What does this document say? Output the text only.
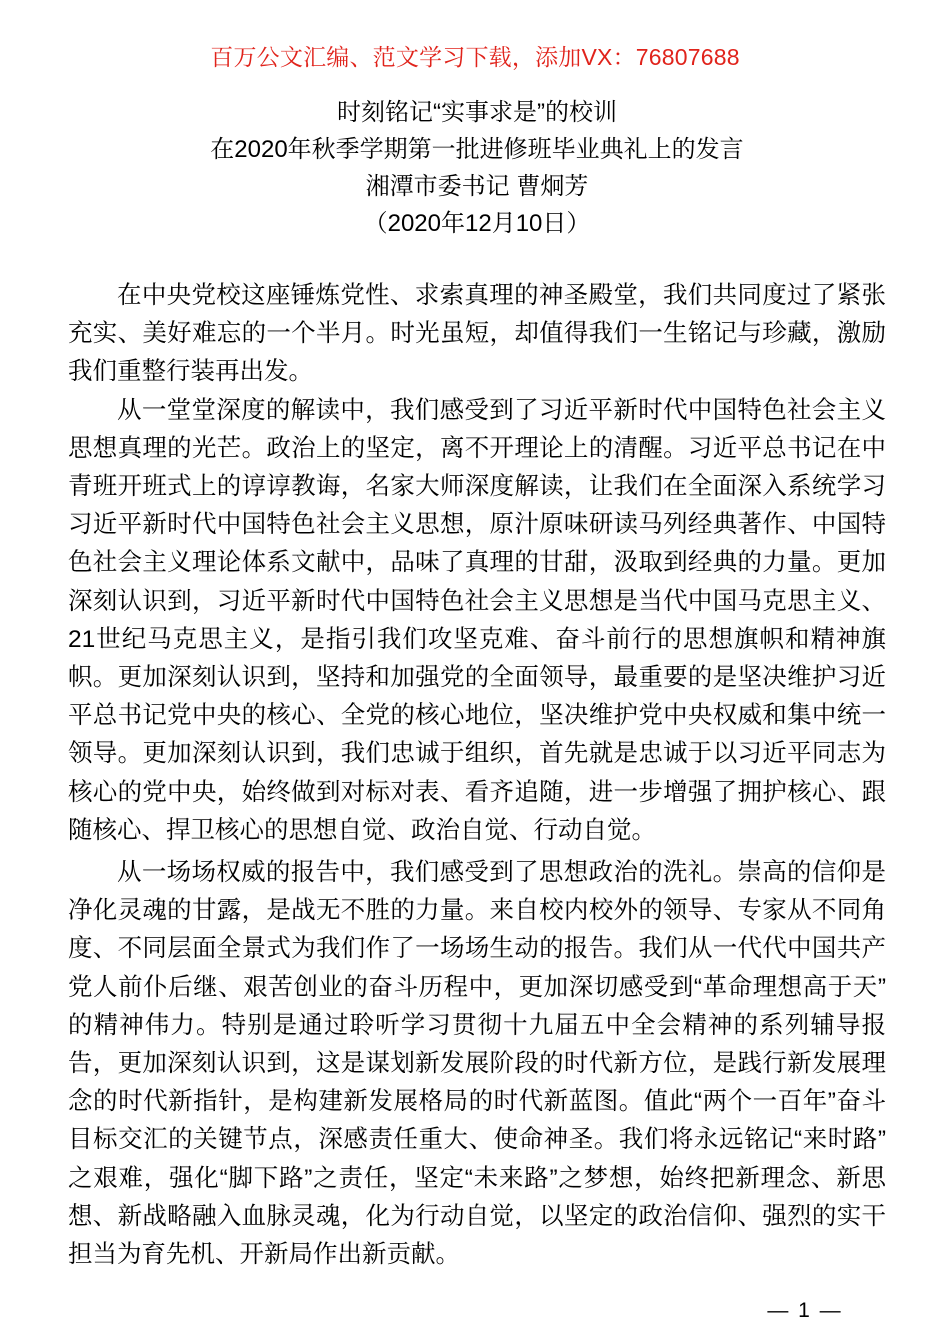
百万公文汇编、范文学习下载，添加VX：76807688
时刻铭记“实事求是”的校训
在2020年秋季学期第一批进修班毕业典礼上的发言
湘潭市委书记 曹炯芳
（2020年12月10日）

在中央党校这座锤炼党性、求索真理的神圣殿堂，我们共同度过了紧张充实、美好难忘的一个半月。时光虽短，却值得我们一生铭记与珍藏，激励我们重整行装再出发。

从一堂堂深度的解读中，我们感受到了习近平新时代中国特色社会主义思想真理的光芒。政治上的坚定，离不开理论上的清醒。习近平总书记在中青班开班式上的谆谆教诲，名家大师深度解读，让我们在全面深入系统学习习近平新时代中国特色社会主义思想，原汁原味研读马列经典著作、中国特色社会主义理论体系文献中，品味了真理的甘甜，汲取到经典的力量。更加深刻认识到，习近平新时代中国特色社会主义思想是当代中国马克思主义、21世纪马克思主义，是指引我们攻坚克难、奋斗前行的思想旗帜和精神旗帜。更加深刻认识到，坚持和加强党的全面领导，最重要的是坚决维护习近平总书记党中央的核心、全党的核心地位，坚决维护党中央权威和集中统一领导。更加深刻认识到，我们忠诚于组织，首先就是忠诚于以习近平同志为核心的党中央，始终做到对标对表、看齐追随，进一步增强了拥护核心、跟随核心、捍卫核心的思想自觉、政治自觉、行动自觉。

从一场场权威的报告中，我们感受到了思想政治的洗礼。崇高的信仰是净化灵魂的甘露，是战无不胜的力量。来自校内校外的领导、专家从不同角度、不同层面全景式为我们作了一场场生动的报告。我们从一代代中国共产党人前仆后继、艰苦创业的奋斗历程中，更加深切感受到“革命理想高于天”的精神伟力。特别是通过聆听学习贯彻十九届五中全会精神的系列辅导报告，更加深刻认识到，这是谋划新发展阶段的时代新方位，是践行新发展理念的时代新指针，是构建新发展格局的时代新蓝图。值此“两个一百年”奋斗目标交汇的关键节点，深感责任重大、使命神圣。我们将永远铭记“来时路”之艰难，强化“脚下路”之责任，坚定“未来路”之梦想，始终把新理念、新思想、新战略融入血脉灵魂，化为行动自觉，以坚定的政治信仰、强烈的实干担当为育先机、开新局作出新贡献。

— 1 —
